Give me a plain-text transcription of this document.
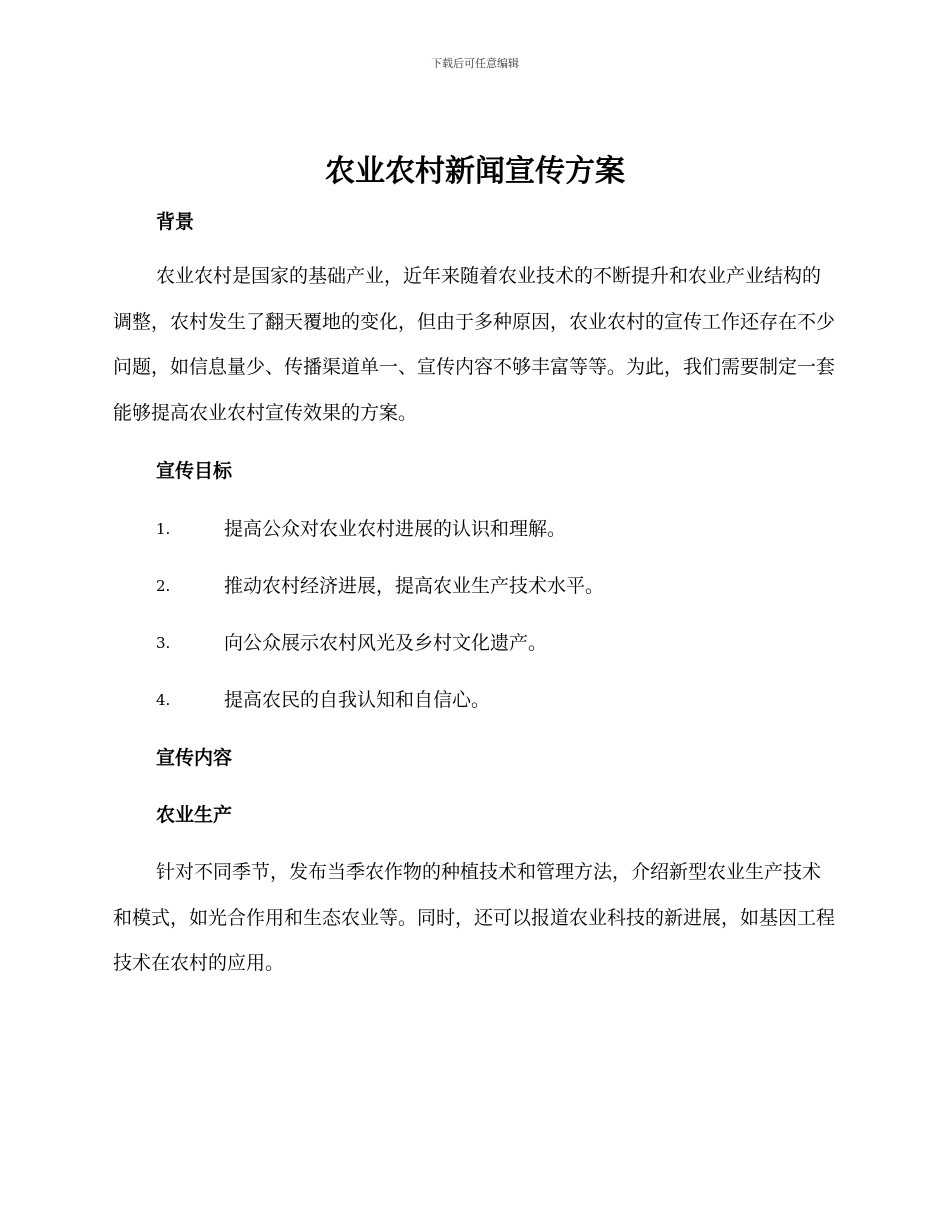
下载后可任意编辑
农业农村新闻宣传方案
背景

农业农村是国家的基础产业，近年来随着农业技术的不断提升和农业产业结构的调整，农村发生了翻天覆地的变化，但由于多种原因，农业农村的宣传工作还存在不少问题，如信息量少、传播渠道单一、宣传内容不够丰富等等。为此，我们需要制定一套能够提高农业农村宣传效果的方案。

宣传目标
1.	提高公众对农业农村进展的认识和理解。
2.	推动农村经济进展，提高农业生产技术水平。
3.	向公众展示农村风光及乡村文化遗产。
4.	提高农民的自我认知和自信心。
宣传内容
农业生产

针对不同季节，发布当季农作物的种植技术和管理方法，介绍新型农业生产技术和模式，如光合作用和生态农业等。同时，还可以报道农业科技的新进展，如基因工程技术在农村的应用。
